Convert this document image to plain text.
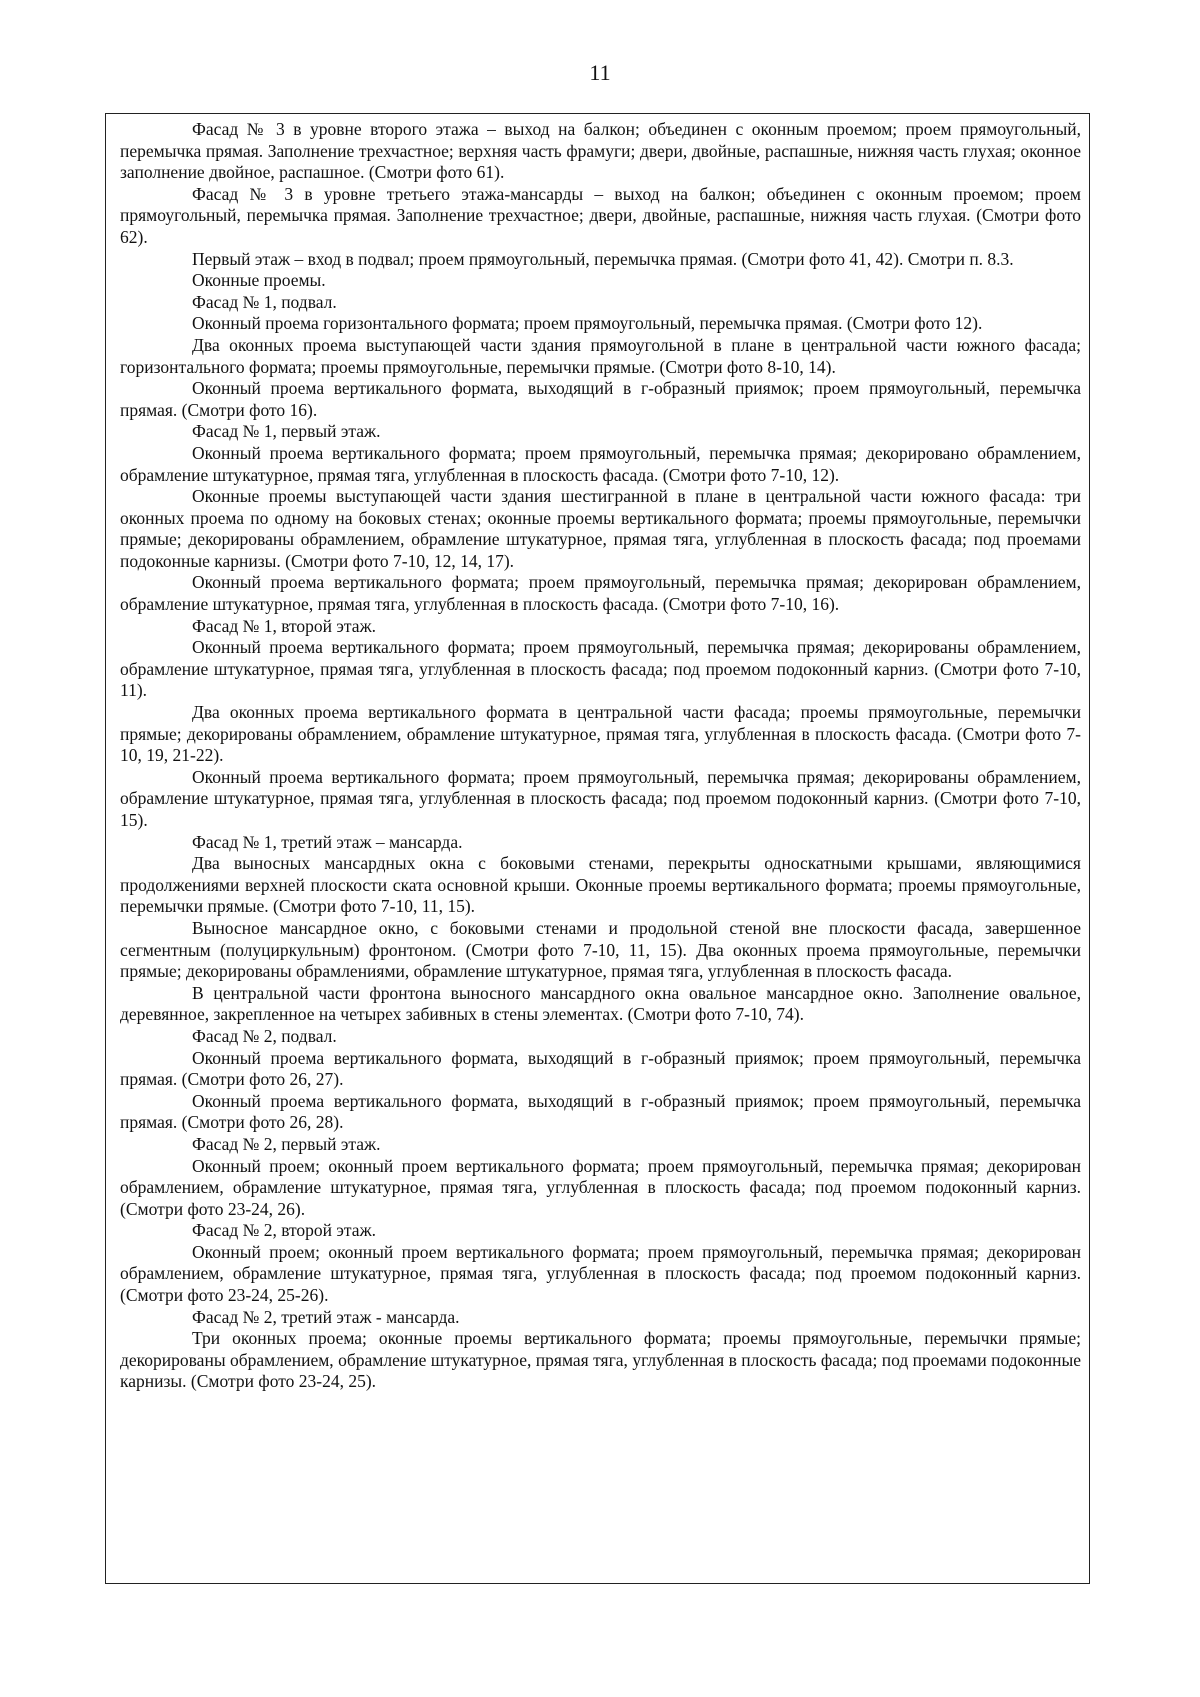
11

Фасад № 3 в уровне второго этажа – выход на балкон; объединен с оконным проемом; проем прямоугольный, перемычка прямая. Заполнение трехчастное; верхняя часть фрамуги; двери, двойные, распашные, нижняя часть глухая; оконное заполнение двойное, распашное. (Смотри фото 61).

Фасад № 3 в уровне третьего этажа-мансарды – выход на балкон; объединен с оконным проемом; проем прямоугольный, перемычка прямая. Заполнение трехчастное; двери, двойные, распашные, нижняя часть глухая. (Смотри фото 62).

Первый этаж – вход в подвал; проем прямоугольный, перемычка прямая. (Смотри фото 41, 42). Смотри п. 8.3.

Оконные проемы.

Фасад № 1, подвал.

Оконный проема горизонтального формата; проем прямоугольный, перемычка прямая. (Смотри фото 12).

Два оконных проема выступающей части здания прямоугольной в плане в центральной части южного фасада; горизонтального формата; проемы прямоугольные, перемычки прямые. (Смотри фото 8-10, 14).

Оконный проема вертикального формата, выходящий в г-образный приямок; проем прямоугольный, перемычка прямая. (Смотри фото 16).

Фасад № 1, первый этаж.

Оконный проема вертикального формата; проем прямоугольный, перемычка прямая; декорировано обрамлением, обрамление штукатурное, прямая тяга, углубленная в плоскость фасада. (Смотри фото 7-10, 12).

Оконные проемы выступающей части здания шестигранной в плане в центральной части южного фасада: три оконных проема по одному на боковых стенах; оконные проемы вертикального формата; проемы прямоугольные, перемычки прямые; декорированы обрамлением, обрамление штукатурное, прямая тяга, углубленная в плоскость фасада; под проемами подоконные карнизы. (Смотри фото 7-10, 12, 14, 17).

Оконный проема вертикального формата; проем прямоугольный, перемычка прямая; декорирован обрамлением, обрамление штукатурное, прямая тяга, углубленная в плоскость фасада. (Смотри фото 7-10, 16).

Фасад № 1, второй этаж.

Оконный проема вертикального формата; проем прямоугольный, перемычка прямая; декорированы обрамлением, обрамление штукатурное, прямая тяга, углубленная в плоскость фасада; под проемом подоконный карниз. (Смотри фото 7-10, 11).

Два оконных проема вертикального формата в центральной части фасада; проемы прямоугольные, перемычки прямые; декорированы обрамлением, обрамление штукатурное, прямая тяга, углубленная в плоскость фасада. (Смотри фото 7-10, 19, 21-22).

Оконный проема вертикального формата; проем прямоугольный, перемычка прямая; декорированы обрамлением, обрамление штукатурное, прямая тяга, углубленная в плоскость фасада; под проемом подоконный карниз. (Смотри фото 7-10, 15).

Фасад № 1, третий этаж – мансарда.

Два выносных мансардных окна с боковыми стенами, перекрыты односкатными крышами, являющимися продолжениями верхней плоскости ската основной крыши. Оконные проемы вертикального формата; проемы прямоугольные, перемычки прямые. (Смотри фото 7-10, 11, 15).

Выносное мансардное окно, с боковыми стенами и продольной стеной вне плоскости фасада, завершенное сегментным (полуциркульным) фронтоном. (Смотри фото 7-10, 11, 15). Два оконных проема прямоугольные, перемычки прямые; декорированы обрамлениями, обрамление штукатурное, прямая тяга, углубленная в плоскость фасада.

В центральной части фронтона выносного мансардного окна овальное мансардное окно. Заполнение овальное, деревянное, закрепленное на четырех забивных в стены элементах. (Смотри фото 7-10, 74).

Фасад № 2, подвал.

Оконный проема вертикального формата, выходящий в г-образный приямок; проем прямоугольный, перемычка прямая. (Смотри фото 26, 27).

Оконный проема вертикального формата, выходящий в г-образный приямок; проем прямоугольный, перемычка прямая. (Смотри фото 26, 28).

Фасад № 2, первый этаж.

Оконный проем; оконный проем вертикального формата; проем прямоугольный, перемычка прямая; декорирован обрамлением, обрамление штукатурное, прямая тяга, углубленная в плоскость фасада; под проемом подоконный карниз. (Смотри фото 23-24, 26).

Фасад № 2, второй этаж.

Оконный проем; оконный проем вертикального формата; проем прямоугольный, перемычка прямая; декорирован обрамлением, обрамление штукатурное, прямая тяга, углубленная в плоскость фасада; под проемом подоконный карниз. (Смотри фото 23-24, 25-26).

Фасад № 2, третий этаж - мансарда.

Три оконных проема; оконные проемы вертикального формата; проемы прямоугольные, перемычки прямые; декорированы обрамлением, обрамление штукатурное, прямая тяга, углубленная в плоскость фасада; под проемами подоконные карнизы. (Смотри фото 23-24, 25).
